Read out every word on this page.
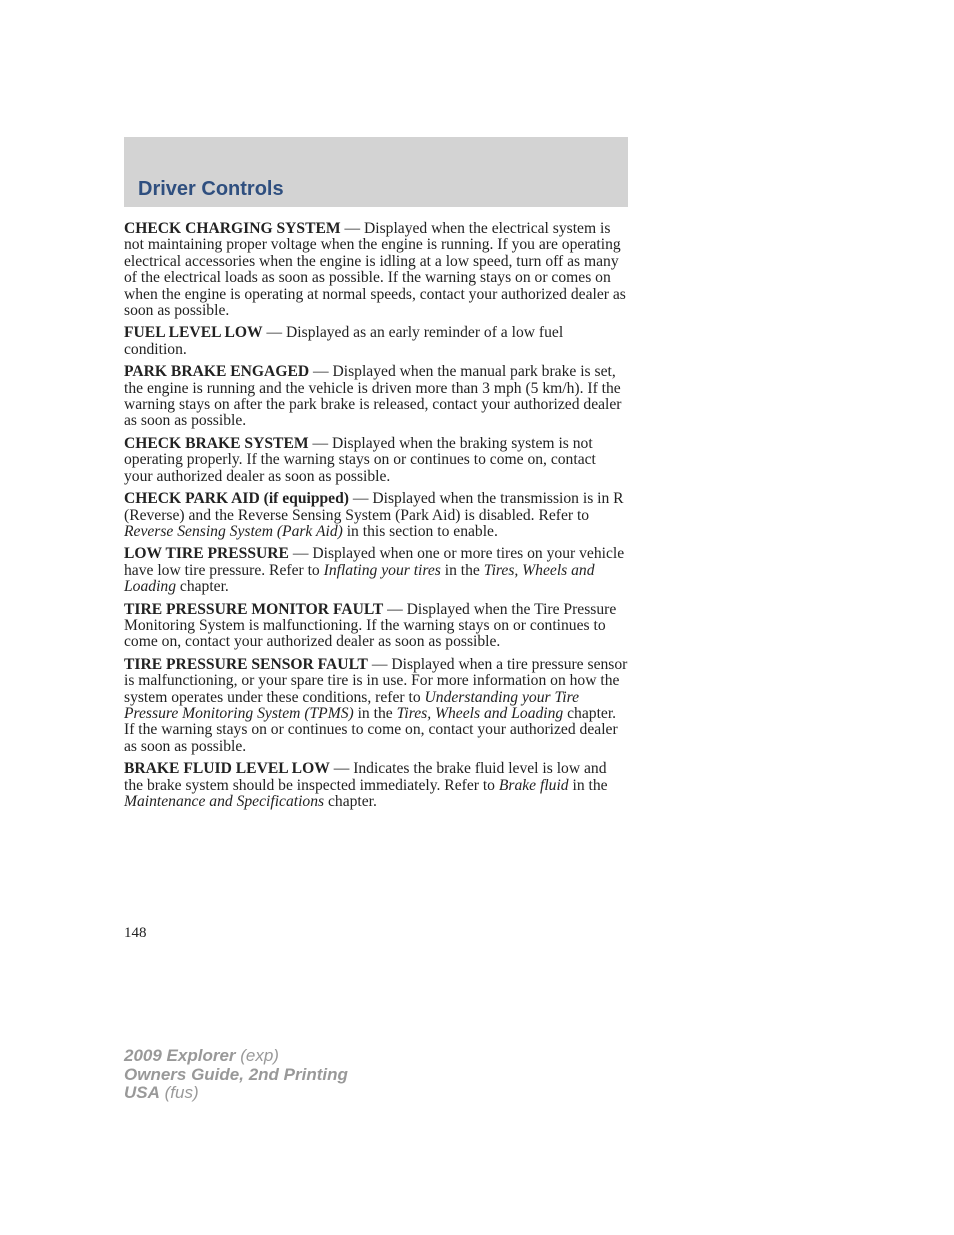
Driver Controls

CHECK CHARGING SYSTEM — Displayed when the electrical system is not maintaining proper voltage when the engine is running. If you are operating electrical accessories when the engine is idling at a low speed, turn off as many of the electrical loads as soon as possible. If the warning stays on or comes on when the engine is operating at normal speeds, contact your authorized dealer as soon as possible.

FUEL LEVEL LOW — Displayed as an early reminder of a low fuel condition.

PARK BRAKE ENGAGED — Displayed when the manual park brake is set, the engine is running and the vehicle is driven more than 3 mph (5 km/h). If the warning stays on after the park brake is released, contact your authorized dealer as soon as possible.

CHECK BRAKE SYSTEM — Displayed when the braking system is not operating properly. If the warning stays on or continues to come on, contact your authorized dealer as soon as possible.

CHECK PARK AID (if equipped) — Displayed when the transmission is in R (Reverse) and the Reverse Sensing System (Park Aid) is disabled. Refer to Reverse Sensing System (Park Aid) in this section to enable.

LOW TIRE PRESSURE — Displayed when one or more tires on your vehicle have low tire pressure. Refer to Inflating your tires in the Tires, Wheels and Loading chapter.

TIRE PRESSURE MONITOR FAULT — Displayed when the Tire Pressure Monitoring System is malfunctioning. If the warning stays on or continues to come on, contact your authorized dealer as soon as possible.

TIRE PRESSURE SENSOR FAULT — Displayed when a tire pressure sensor is malfunctioning, or your spare tire is in use. For more information on how the system operates under these conditions, refer to Understanding your Tire Pressure Monitoring System (TPMS) in the Tires, Wheels and Loading chapter. If the warning stays on or continues to come on, contact your authorized dealer as soon as possible.

BRAKE FLUID LEVEL LOW — Indicates the brake fluid level is low and the brake system should be inspected immediately. Refer to Brake fluid in the Maintenance and Specifications chapter.

148
2009 Explorer (exp)
Owners Guide, 2nd Printing
USA (fus)
